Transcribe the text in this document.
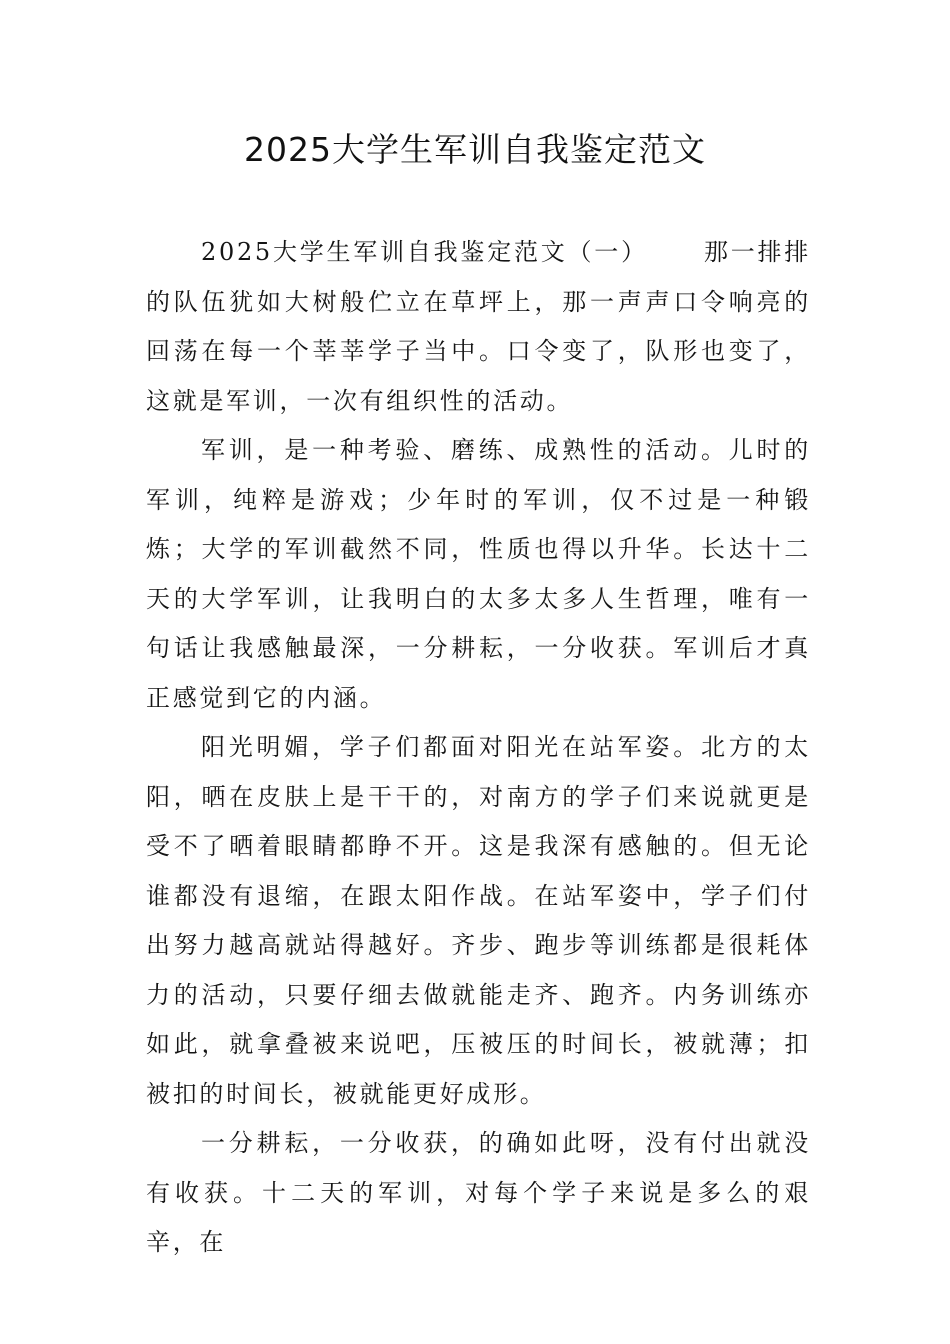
2025大学生军训自我鉴定范文

2025大学生军训自我鉴定范文（一） 那一排排的队伍犹如大树般伫立在草坪上，那一声声口令响亮的回荡在每一个莘莘学子当中。口令变了，队形也变了，这就是军训，一次有组织性的活动。

军训，是一种考验、磨练、成熟性的活动。儿时的军训，纯粹是游戏；少年时的军训，仅不过是一种锻炼；大学的军训截然不同，性质也得以升华。长达十二天的大学军训，让我明白的太多太多人生哲理，唯有一句话让我感触最深，一分耕耘，一分收获。军训后才真正感觉到它的内涵。

阳光明媚，学子们都面对阳光在站军姿。北方的太阳，晒在皮肤上是干干的，对南方的学子们来说就更是受不了晒着眼睛都睁不开。这是我深有感触的。但无论谁都没有退缩，在跟太阳作战。在站军姿中，学子们付出努力越高就站得越好。齐步、跑步等训练都是很耗体力的活动，只要仔细去做就能走齐、跑齐。内务训练亦如此，就拿叠被来说吧，压被压的时间长，被就薄；扣被扣的时间长，被就能更好成形。

一分耕耘，一分收获，的确如此呀，没有付出就没有收获。十二天的军训，对每个学子来说是多么的艰辛，在
